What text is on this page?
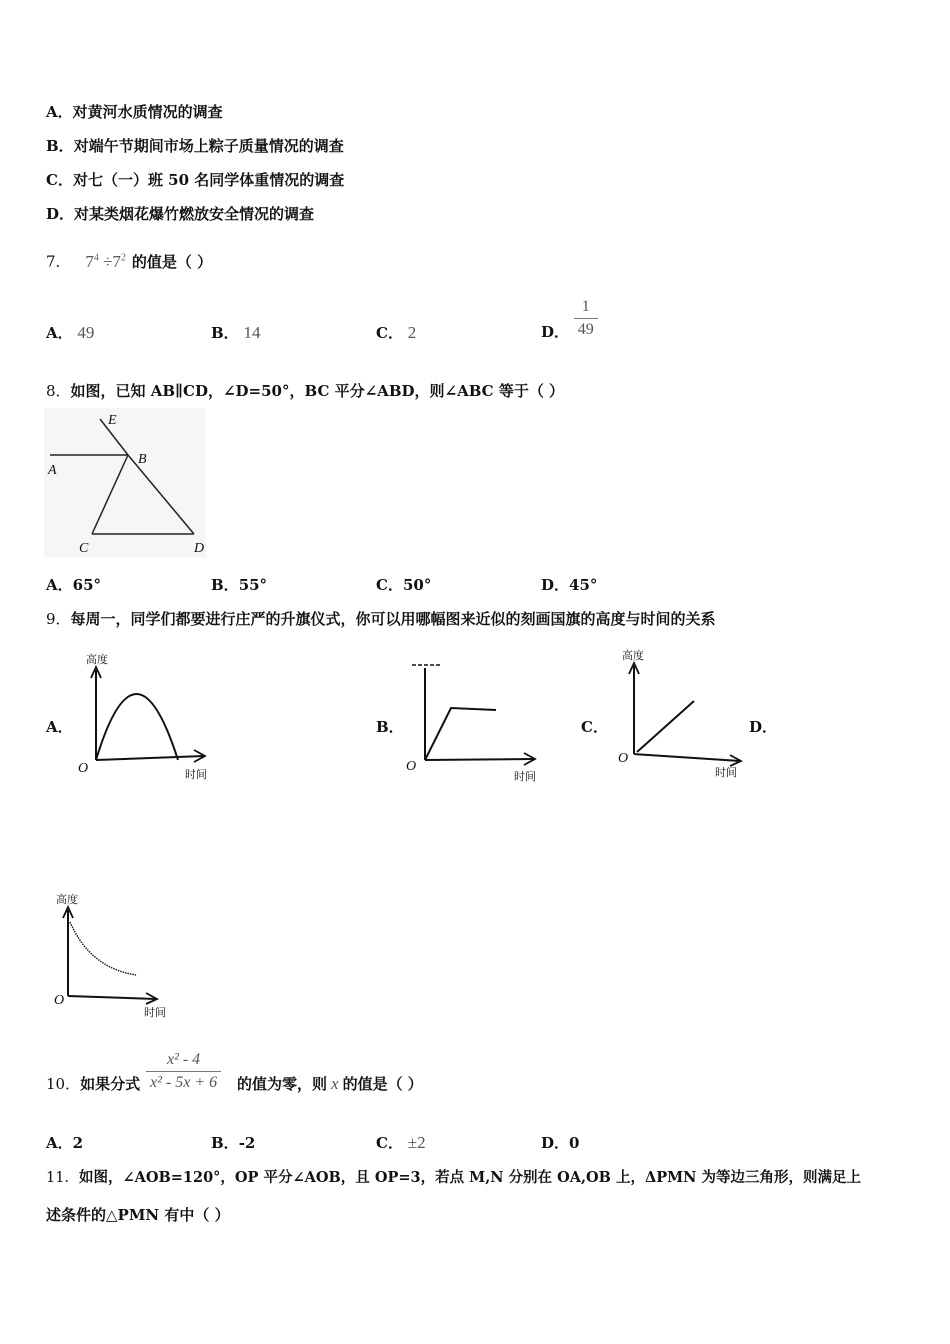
A．对黄河水质情况的调查
B．对端午节期间市场上粽子质量情况的调查
C．对七（一）班 50 名同学体重情况的调查
D．对某类烟花爆竹燃放安全情况的调查
7． $7^4 \div 7^2$ 的值是（ ）
A． 49	B． 14	C． 2	D． $\frac{1}{49}$
8．如图，已知 AB∥CD，∠D=50°，BC 平分∠ABD，则∠ABC 等于（ ）
E
A
B
C	D
A．65°	B．55°	C．50°	D．45°
9．每周一，同学们都要进行庄严的升旗仪式，你可以用哪幅图来近似的刻画国旗的高度与时间的关系
A．
高度
O	时间
B．
O
时间
C．
高度
O
时间
D．
高度
O
时间
10．如果分式 $\frac{\text{x² - 4}}{\text{x² - 5x + 6}}$ 的值为零，则 x 的值是（ ）
A．2	B．-2	C． ±2	D．0
11．如图，∠AOB=120°，OP 平分∠AOB，且 OP=3，若点 M,N 分别在 OA,OB 上，ΔPMN 为等边三角形，则满足上
述条件的△PMN 有中（ ）
